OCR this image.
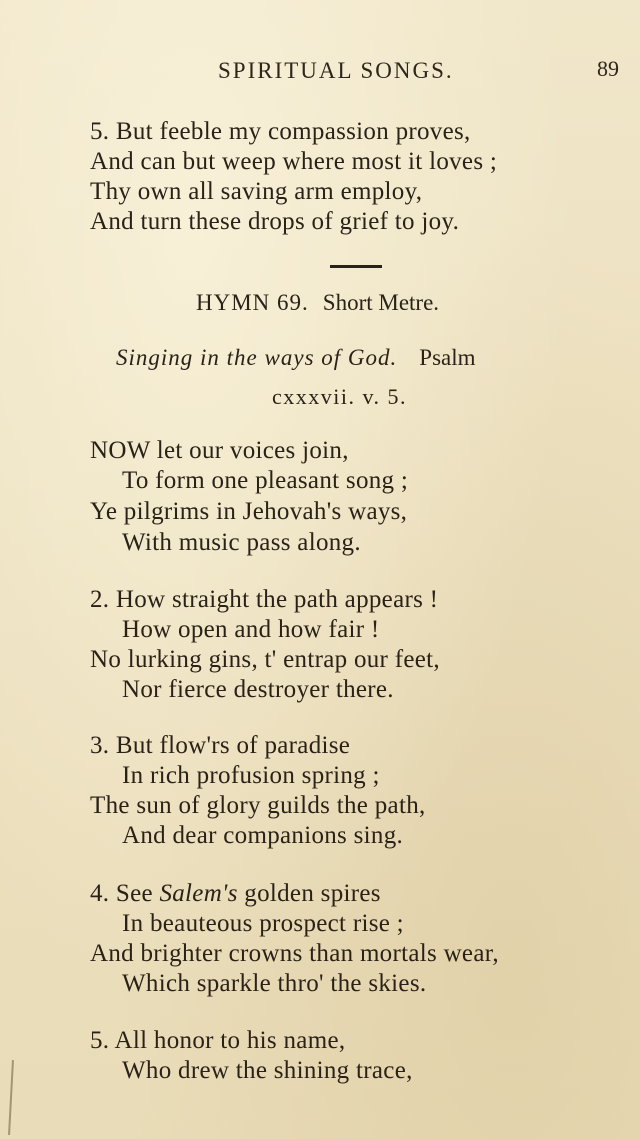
SPIRITUAL SONGS.	89
5. But feeble my compassion proves,
And can but weep where most it loves ;
Thy own all saving arm employ,
And turn these drops of grief to joy.
HYMN 69. Short Metre.
Singing in the ways of God. Psalm
cxxxvii. v. 5.
NOW let our voices join,
To form one pleasant song ;
Ye pilgrims in Jehovah's ways,
With music pass along.
2. How straight the path appears !
How open and how fair !
No lurking gins, t' entrap our feet,
Nor fierce destroyer there.
3. But flow'rs of paradise
In rich profusion spring ;
The sun of glory guilds the path,
And dear companions sing.
4. See Salem's golden spires
In beauteous prospect rise ;
And brighter crowns than mortals wear,
Which sparkle thro' the skies.
5. All honor to his name,
Who drew the shining trace,
